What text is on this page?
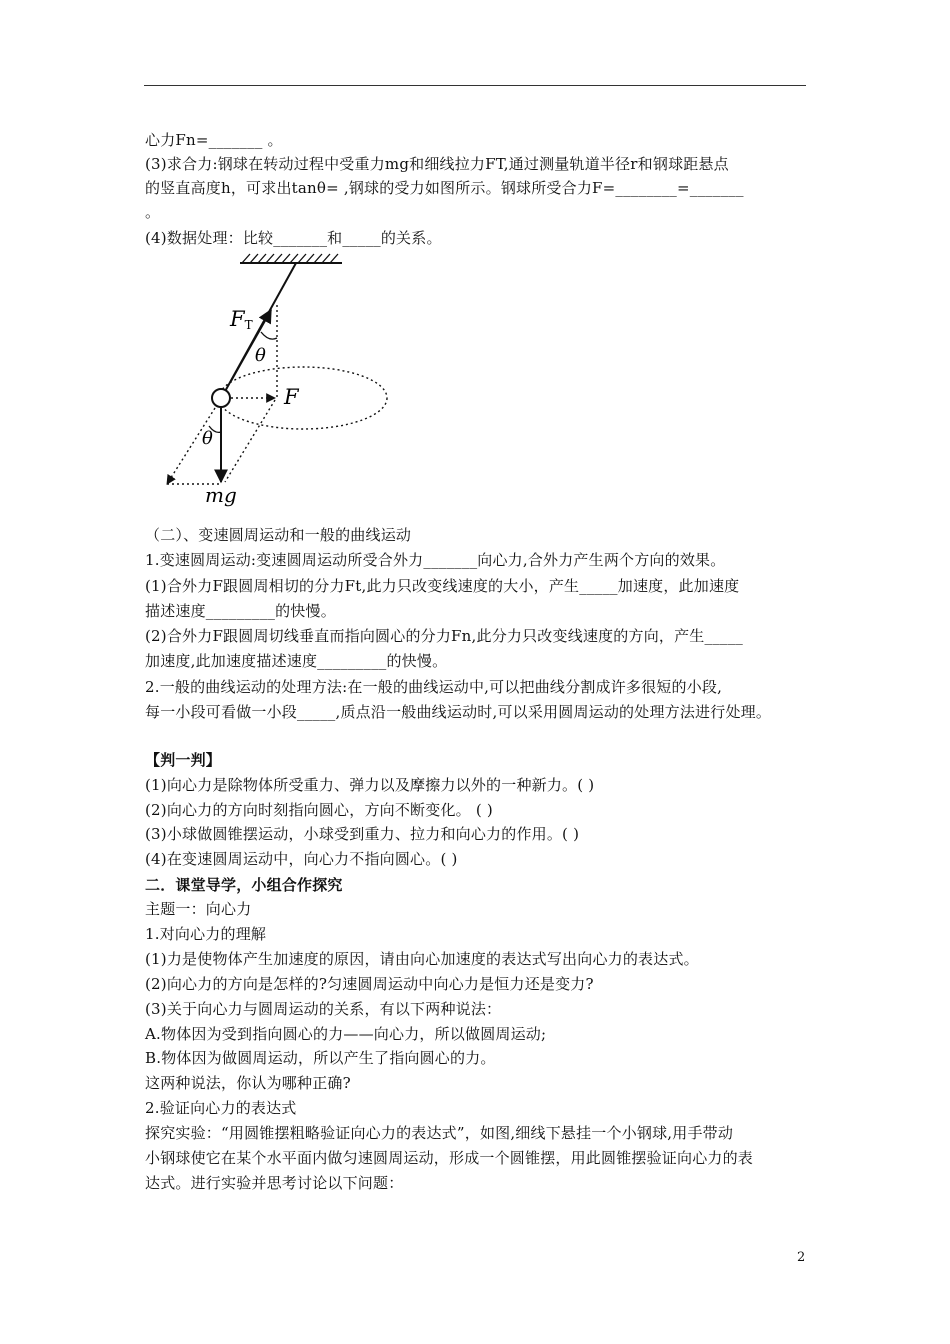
心力Fn=_______ 。
(3)求合力:钢球在转动过程中受重力mg和细线拉力FT,通过测量轨道半径r和钢球距悬点
的竖直高度h，可求出tanθ= ,钢球的受力如图所示。钢球所受合力F=________=_______
。
(4)数据处理：比较_______和_____的关系。
FT
θ
F
θ
mg
（二）、变速圆周运动和一般的曲线运动
1.变速圆周运动:变速圆周运动所受合外力_______向心力,合外力产生两个方向的效果。
(1)合外力F跟圆周相切的分力Ft,此力只改变线速度的大小，产生_____加速度，此加速度
描述速度_________的快慢。
(2)合外力F跟圆周切线垂直而指向圆心的分力Fn,此分力只改变线速度的方向，产生_____
加速度,此加速度描述速度_________的快慢。
2.一般的曲线运动的处理方法:在一般的曲线运动中,可以把曲线分割成许多很短的小段,
每一小段可看做一小段_____,质点沿一般曲线运动时,可以采用圆周运动的处理方法进行处理。
【判一判】
(1)向心力是除物体所受重力、弹力以及摩擦力以外的一种新力。( )
(2)向心力的方向时刻指向圆心，方向不断变化。 ( )
(3)小球做圆锥摆运动，小球受到重力、拉力和向心力的作用。( )
(4)在变速圆周运动中，向心力不指向圆心。( )
二．课堂导学，小组合作探究
主题一：向心力
1.对向心力的理解
(1)力是使物体产生加速度的原因，请由向心加速度的表达式写出向心力的表达式。
(2)向心力的方向是怎样的?匀速圆周运动中向心力是恒力还是变力?
(3)关于向心力与圆周运动的关系，有以下两种说法：
A.物体因为受到指向圆心的力——向心力，所以做圆周运动;
B.物体因为做圆周运动，所以产生了指向圆心的力。
这两种说法，你认为哪种正确?
2.验证向心力的表达式
探究实验：“用圆锥摆粗略验证向心力的表达式”，如图,细线下悬挂一个小钢球,用手带动
小钢球使它在某个水平面内做匀速圆周运动，形成一个圆锥摆，用此圆锥摆验证向心力的表
达式。进行实验并思考讨论以下问题：
2
